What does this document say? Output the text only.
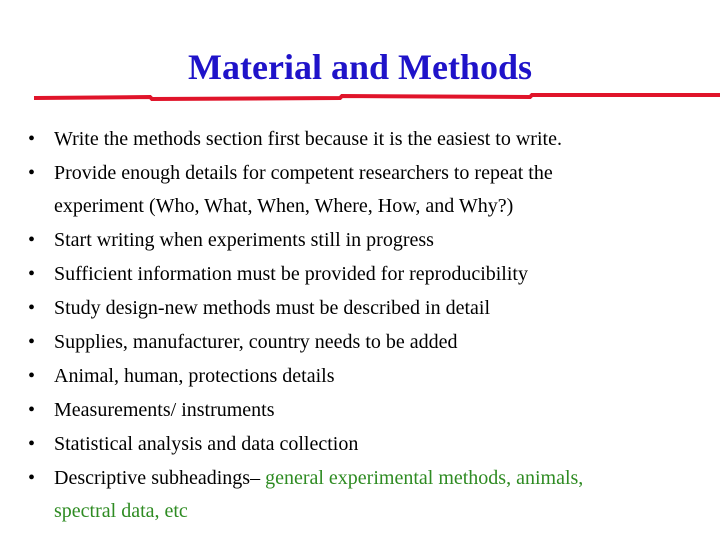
Material and Methods
• Write the methods section first because it is the easiest to write.
• Provide enough details for competent researchers to repeat the
experiment (Who, What, When, Where, How, and Why?)
• Start writing when experiments still in progress
• Sufficient information must be provided for reproducibility
• Study design-new methods must be described in detail
• Supplies, manufacturer, country needs to be added
• Animal, human, protections details
• Measurements/ instruments
• Statistical analysis and data collection
• Descriptive subheadings– general experimental methods, animals,
spectral data, etc
